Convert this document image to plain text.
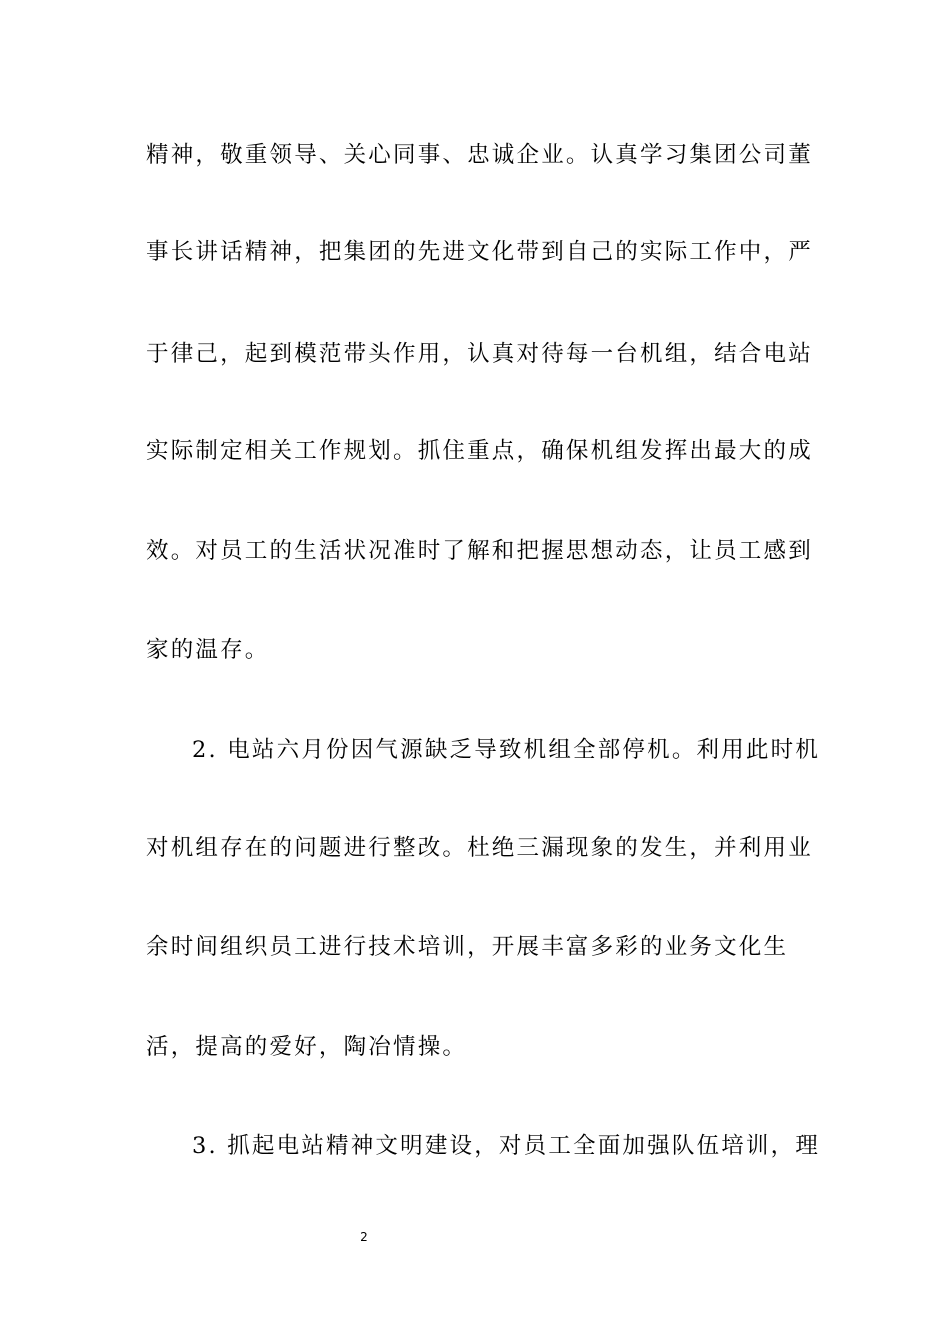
精神，敬重领导、关心同事、忠诚企业。认真学习集团公司董
事长讲话精神，把集团的先进文化带到自己的实际工作中，严
于律己，起到模范带头作用，认真对待每一台机组，结合电站
实际制定相关工作规划。抓住重点，确保机组发挥出最大的成
效。对员工的生活状况准时了解和把握思想动态，让员工感到
家的温存。
2. 电站六月份因气源缺乏导致机组全部停机。利用此时机
对机组存在的问题进行整改。杜绝三漏现象的发生，并利用业
余时间组织员工进行技术培训，开展丰富多彩的业务文化生
活，提高的爱好，陶冶情操。
3. 抓起电站精神文明建设，对员工全面加强队伍培训，理
2
